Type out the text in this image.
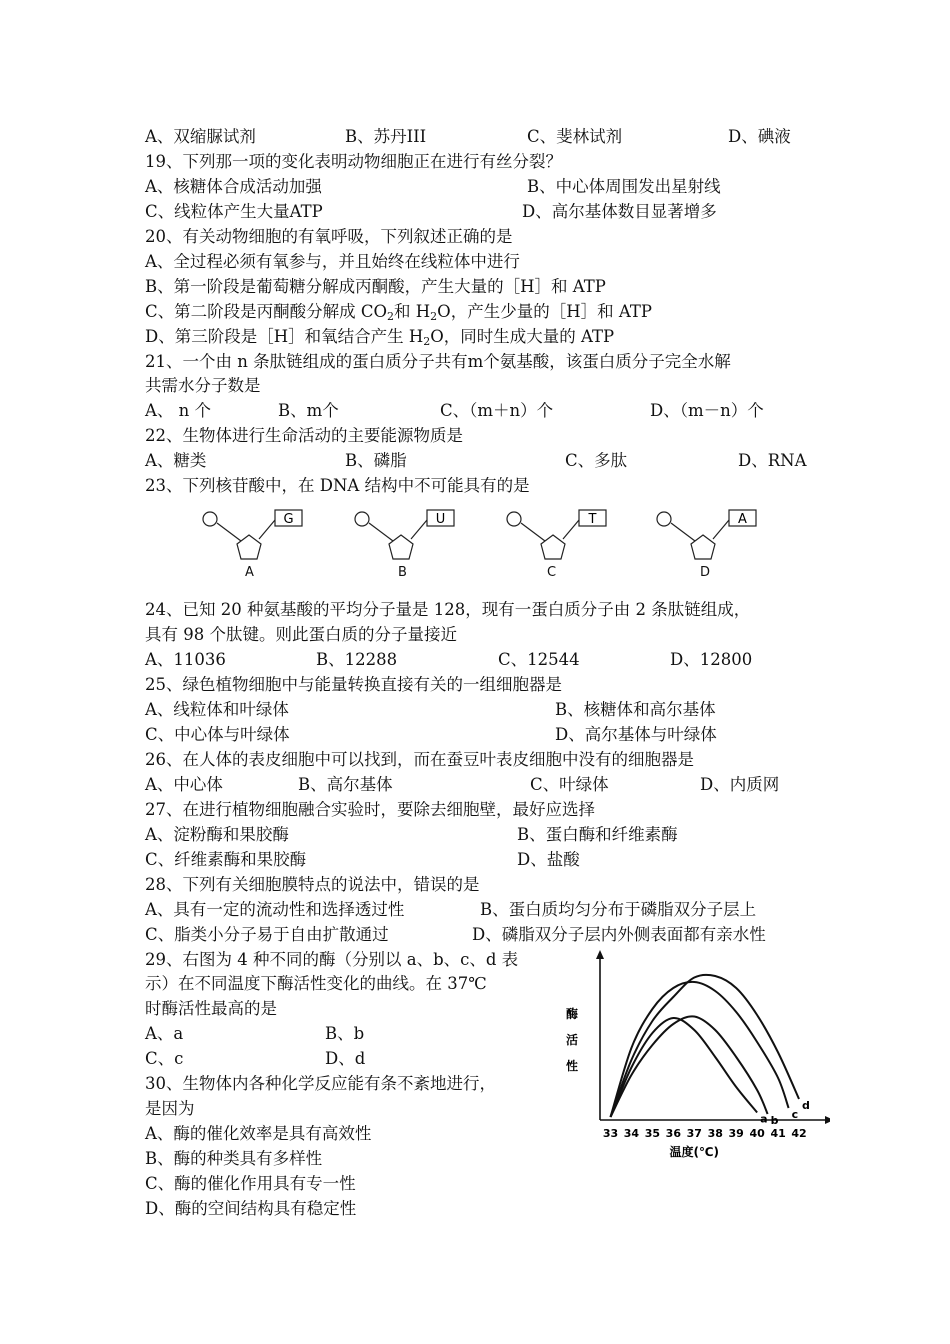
A、双缩脲试剂	B、苏丹III	C、斐林试剂	D、碘液
19、下列那一项的变化表明动物细胞正在进行有丝分裂？
A、核糖体合成活动加强	B、中心体周围发出星射线
C、线粒体产生大量ATP	D、高尔基体数目显著增多
20、有关动物细胞的有氧呼吸，下列叙述正确的是
A、全过程必须有氧参与，并且始终在线粒体中进行
B、第一阶段是葡萄糖分解成丙酮酸，产生大量的［H］和 ATP
C、第二阶段是丙酮酸分解成 $CO_2$和 $H_2O$，产生少量的［H］和 ATP
D、第三阶段是［H］和氧结合产生 $H_2O$，同时生成大量的 ATP
21、一个由 n 条肽链组成的蛋白质分子共有m个氨基酸，该蛋白质分子完全水解
共需水分子数是
A、 n 个	B、m个	C、（m＋n）个	D、（m－n）个
22、生物体进行生命活动的主要能源物质是
A、糖类	B、磷脂	C、多肽	D、RNA
23、下列核苷酸中，在 DNA 结构中不可能具有的是
G
A
U
B
T
C
A
D
24、已知 20 种氨基酸的平均分子量是 128，现有一蛋白质分子由 2 条肽链组成，
具有 98 个肽键。则此蛋白质的分子量接近
A、11036	B、12288	C、12544	D、12800
25、绿色植物细胞中与能量转换直接有关的一组细胞器是
A、线粒体和叶绿体	B、核糖体和高尔基体
C、中心体与叶绿体	D、高尔基体与叶绿体
26、在人体的表皮细胞中可以找到，而在蚕豆叶表皮细胞中没有的细胞器是
A、中心体	B、高尔基体	C、叶绿体	D、内质网
27、在进行植物细胞融合实验时，要除去细胞壁，最好应选择
A、淀粉酶和果胶酶	B、蛋白酶和纤维素酶
C、纤维素酶和果胶酶	D、盐酸
28、下列有关细胞膜特点的说法中，错误的是
A、具有一定的流动性和选择透过性	B、蛋白质均匀分布于磷脂双分子层上
C、脂类小分子易于自由扩散通过	D、磷脂双分子层内外侧表面都有亲水性
29、右图为 4 种不同的酶（分别以 a、b、c、d 表
示）在不同温度下酶活性变化的曲线。在 37℃
时酶活性最高的是
A、a	B、b
C、c	D、d
30、生物体内各种化学反应能有条不紊地进行，
是因为
A、酶的催化效率是具有高效性
B、酶的种类具有多样性
C、酶的催化作用具有专一性
D、酶的空间结构具有稳定性
酶
活
性
33 34 35 36 37 38 39 40 41 42
温度(℃)
a b c
d
